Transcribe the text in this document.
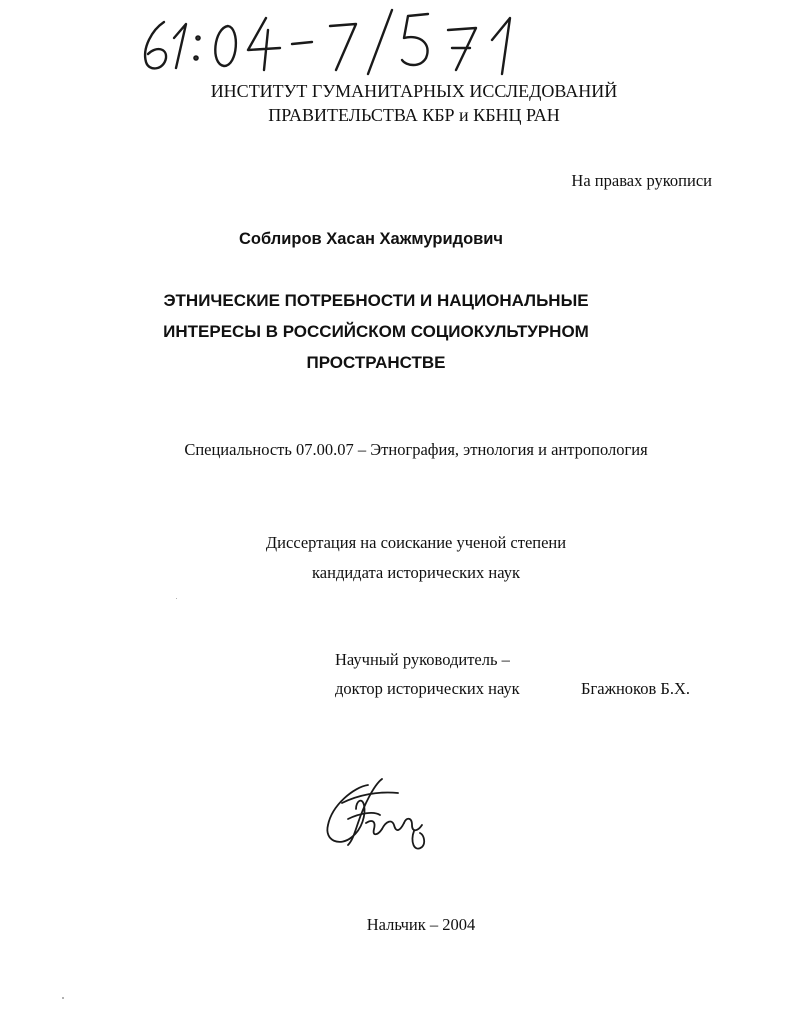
ИНСТИТУТ ГУМАНИТАРНЫХ ИССЛЕДОВАНИЙ
ПРАВИТЕЛЬСТВА КБР и КБНЦ РАН
На правах рукописи
Соблиров Хасан Хажмуридович
ЭТНИЧЕСКИЕ ПОТРЕБНОСТИ И НАЦИОНАЛЬНЫЕ
ИНТЕРЕСЫ В РОССИЙСКОМ СОЦИОКУЛЬТУРНОМ
ПРОСТРАНСТВЕ
Специальность 07.00.07 – Этнография, этнология и антропология
Диссертация на соискание ученой степени
кандидата исторических наук
Научный руководитель –
доктор исторических наук	Бгажноков Б.Х.
Нальчик – 2004
